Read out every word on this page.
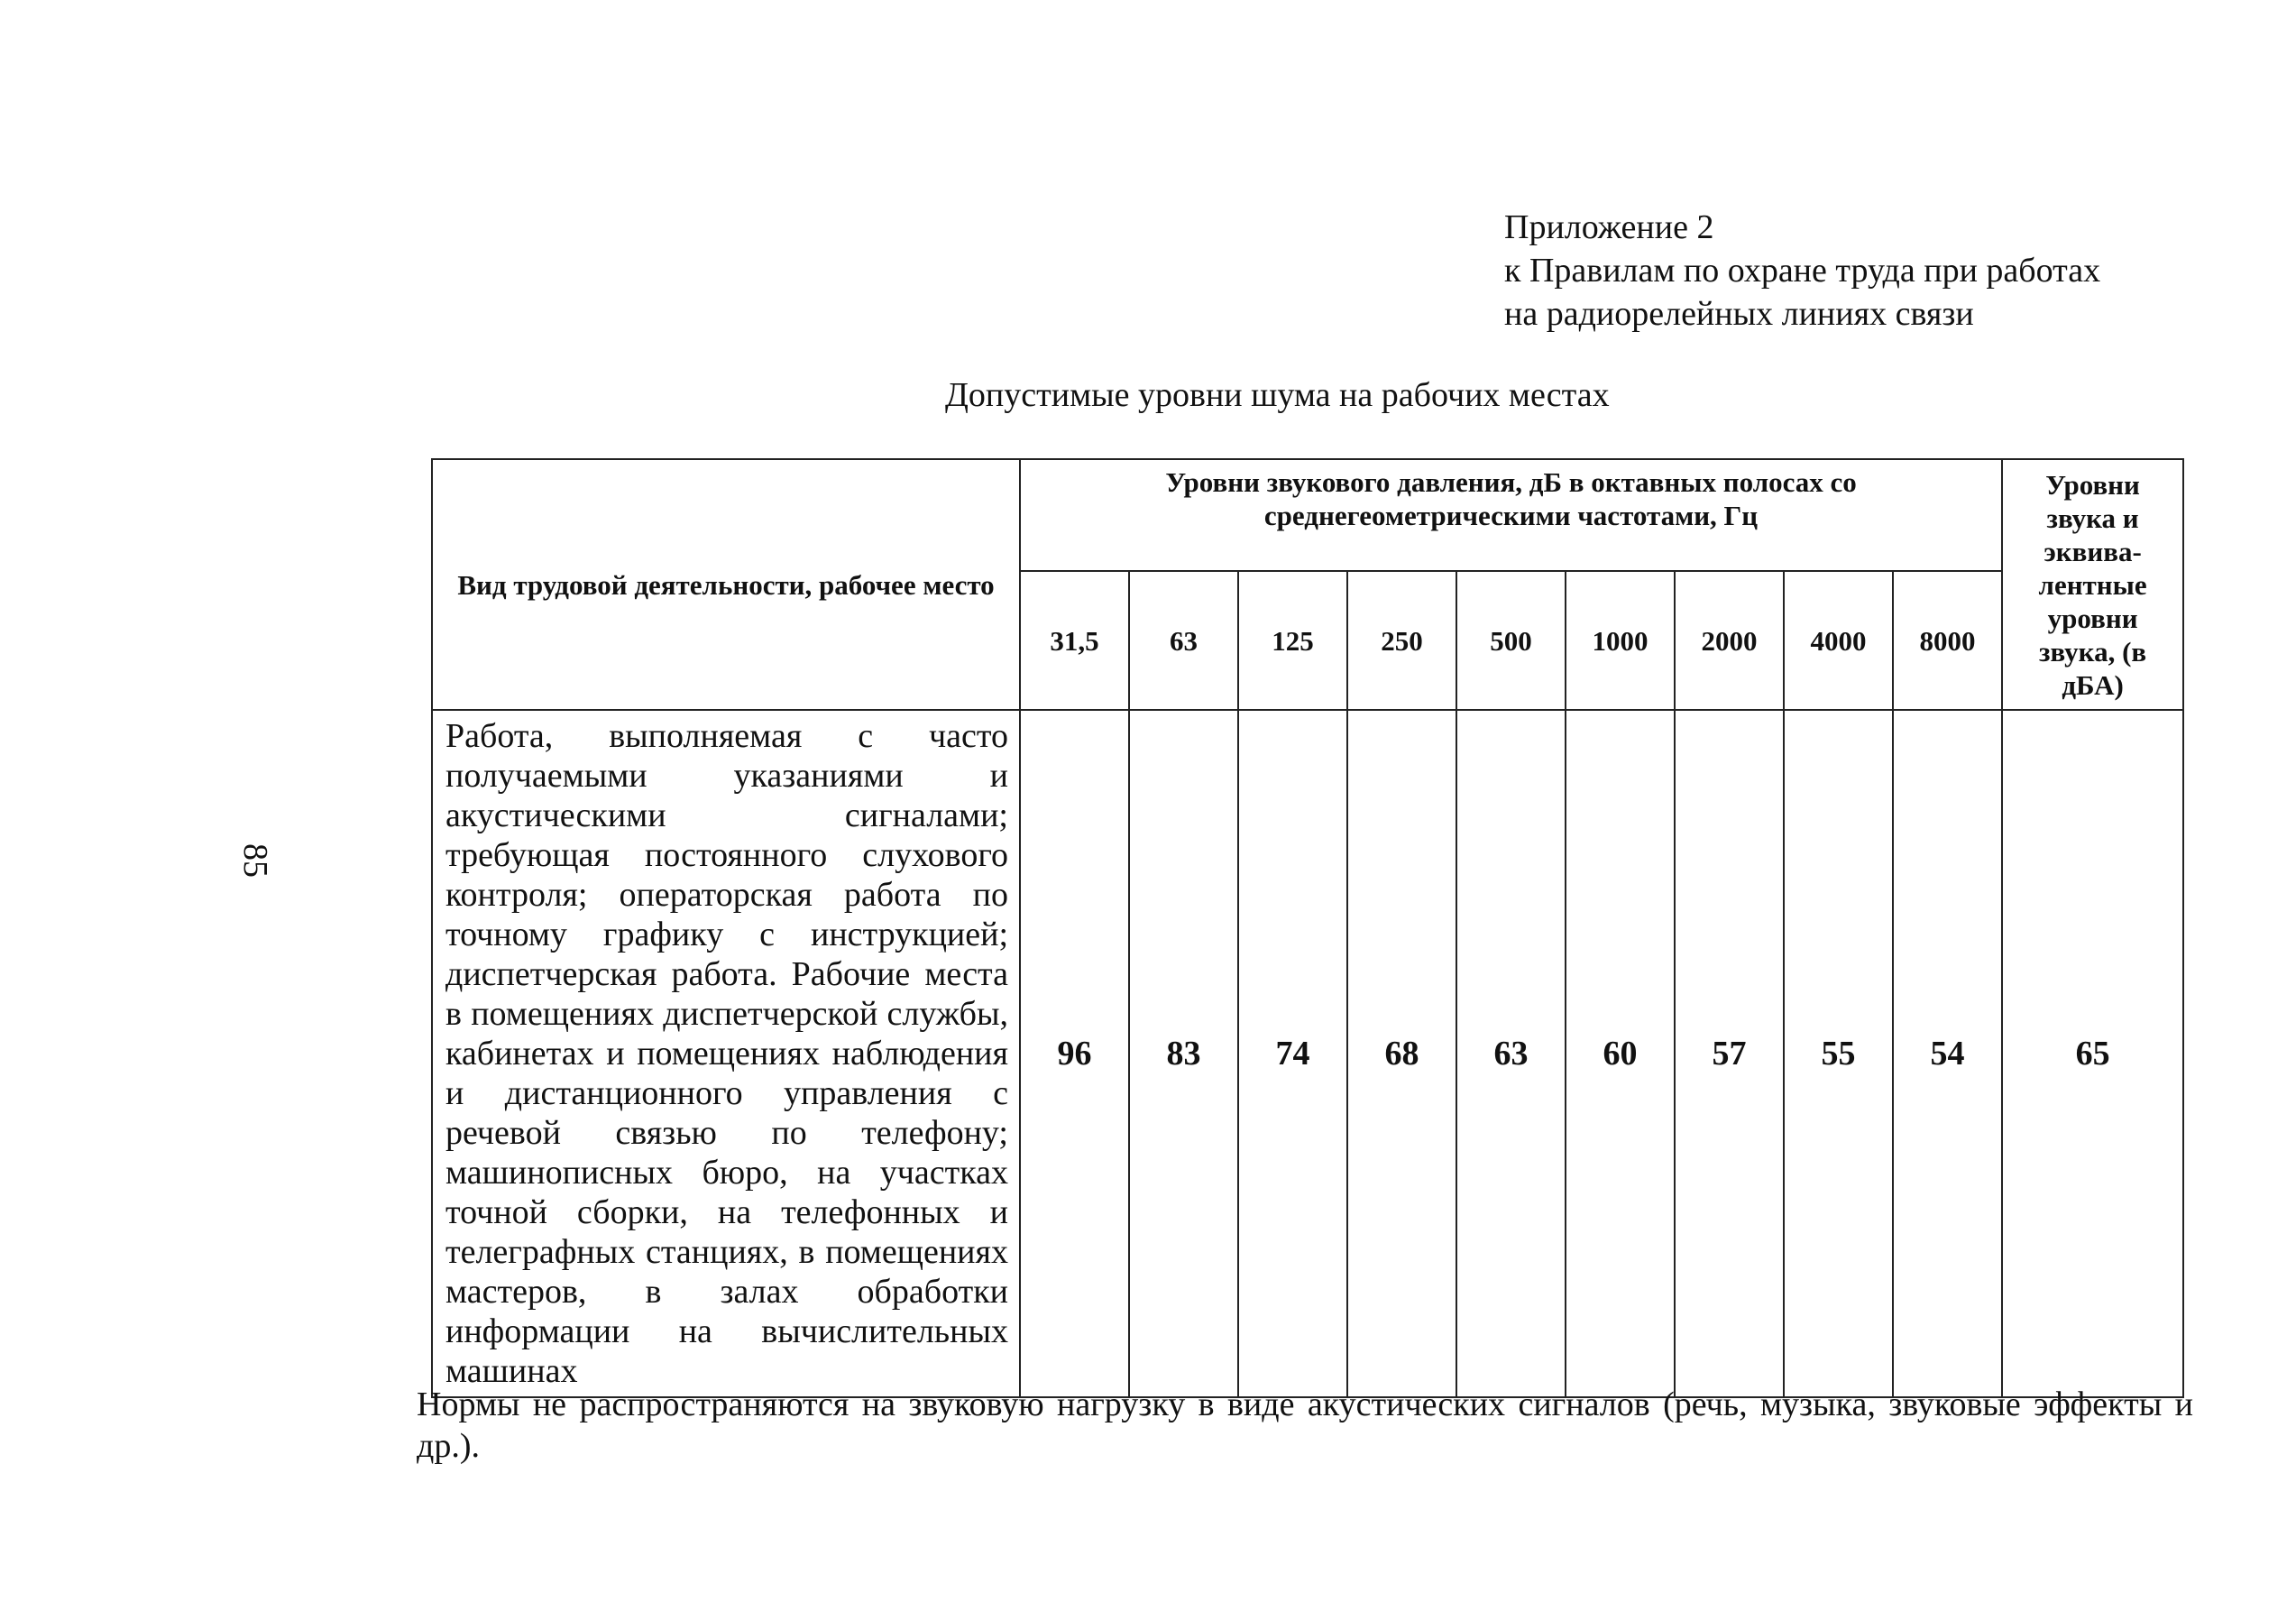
85
Приложение 2
к Правилам по охране труда при работах
на радиорелейных линиях связи
Допустимые уровни шума на рабочих местах
Вид трудовой деятельности, рабочее место	Уровни звукового давления, дБ в октавных полосах со среднегеометрическими частотами, Гц									Уровни звука и эквива-лентные уровни звука, (в дБА)
	31,5	63	125	250	500	1000	2000	4000	8000	
Работа, выполняемая с часто получаемыми указаниями и акустическими сигналами; требующая постоянного слухового контроля; операторская работа по точному графику с инструкцией; диспетчерская работа. Рабочие места в помещениях диспетчерской службы, кабинетах и помещениях наблюдения и дистанционного управления с речевой связью по телефону; машинописных бюро, на участках точной сборки, на телефонных и телеграфных станциях, в помещениях мастеров, в залах обработки информации на вычислительных машинах	96	83	74	68	63	60	57	55	54	65
Нормы не распространяются на звуковую нагрузку в виде акустических сигналов (речь, музыка, звуковые эффекты и др.).
